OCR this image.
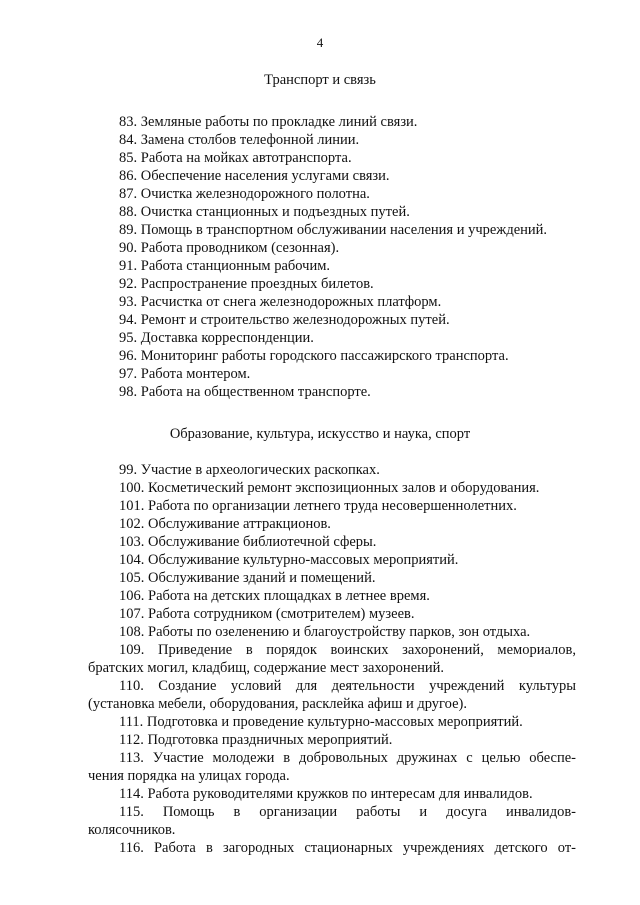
4
Транспорт и связь

83. Земляные работы по прокладке линий связи.

84. Замена столбов телефонной линии.

85. Работа на мойках автотранспорта.

86. Обеспечение населения услугами связи.

87. Очистка железнодорожного полотна.

88. Очистка станционных и подъездных путей.

89. Помощь в транспортном обслуживании населения и учреждений.

90. Работа проводником (сезонная).

91. Работа станционным рабочим.

92. Распространение проездных билетов.

93. Расчистка от снега железнодорожных платформ.

94. Ремонт и строительство железнодорожных путей.

95. Доставка корреспонденции.

96. Мониторинг работы городского пассажирского транспорта.

97. Работа монтером.

98. Работа на общественном транспорте.

Образование, культура, искусство и наука, спорт

99. Участие в археологических раскопках.

100. Косметический ремонт экспозиционных залов и оборудования.

101. Работа по организации летнего труда несовершеннолетних.

102. Обслуживание аттракционов.

103. Обслуживание библиотечной сферы.

104. Обслуживание культурно-массовых мероприятий.

105. Обслуживание зданий и помещений.

106. Работа на детских площадках в летнее время.

107. Работа сотрудником (смотрителем) музеев.

108. Работы по озеленению и благоустройству парков, зон отдыха.

109. Приведение в порядок воинских захоронений, мемориалов,

братских могил, кладбищ, содержание мест захоронений.

110. Создание условий для деятельности учреждений культуры

(установка мебели, оборудования, расклейка афиш и другое).

111. Подготовка и проведение культурно-массовых мероприятий.

112. Подготовка праздничных мероприятий.

113. Участие молодежи в добровольных дружинах с целью обеспе-

чения порядка на улицах города.

114. Работа руководителями кружков по интересам для инвалидов.

115. Помощь в организации работы и досуга инвалидов-

колясочников.

116. Работа в загородных стационарных учреждениях детского от-
